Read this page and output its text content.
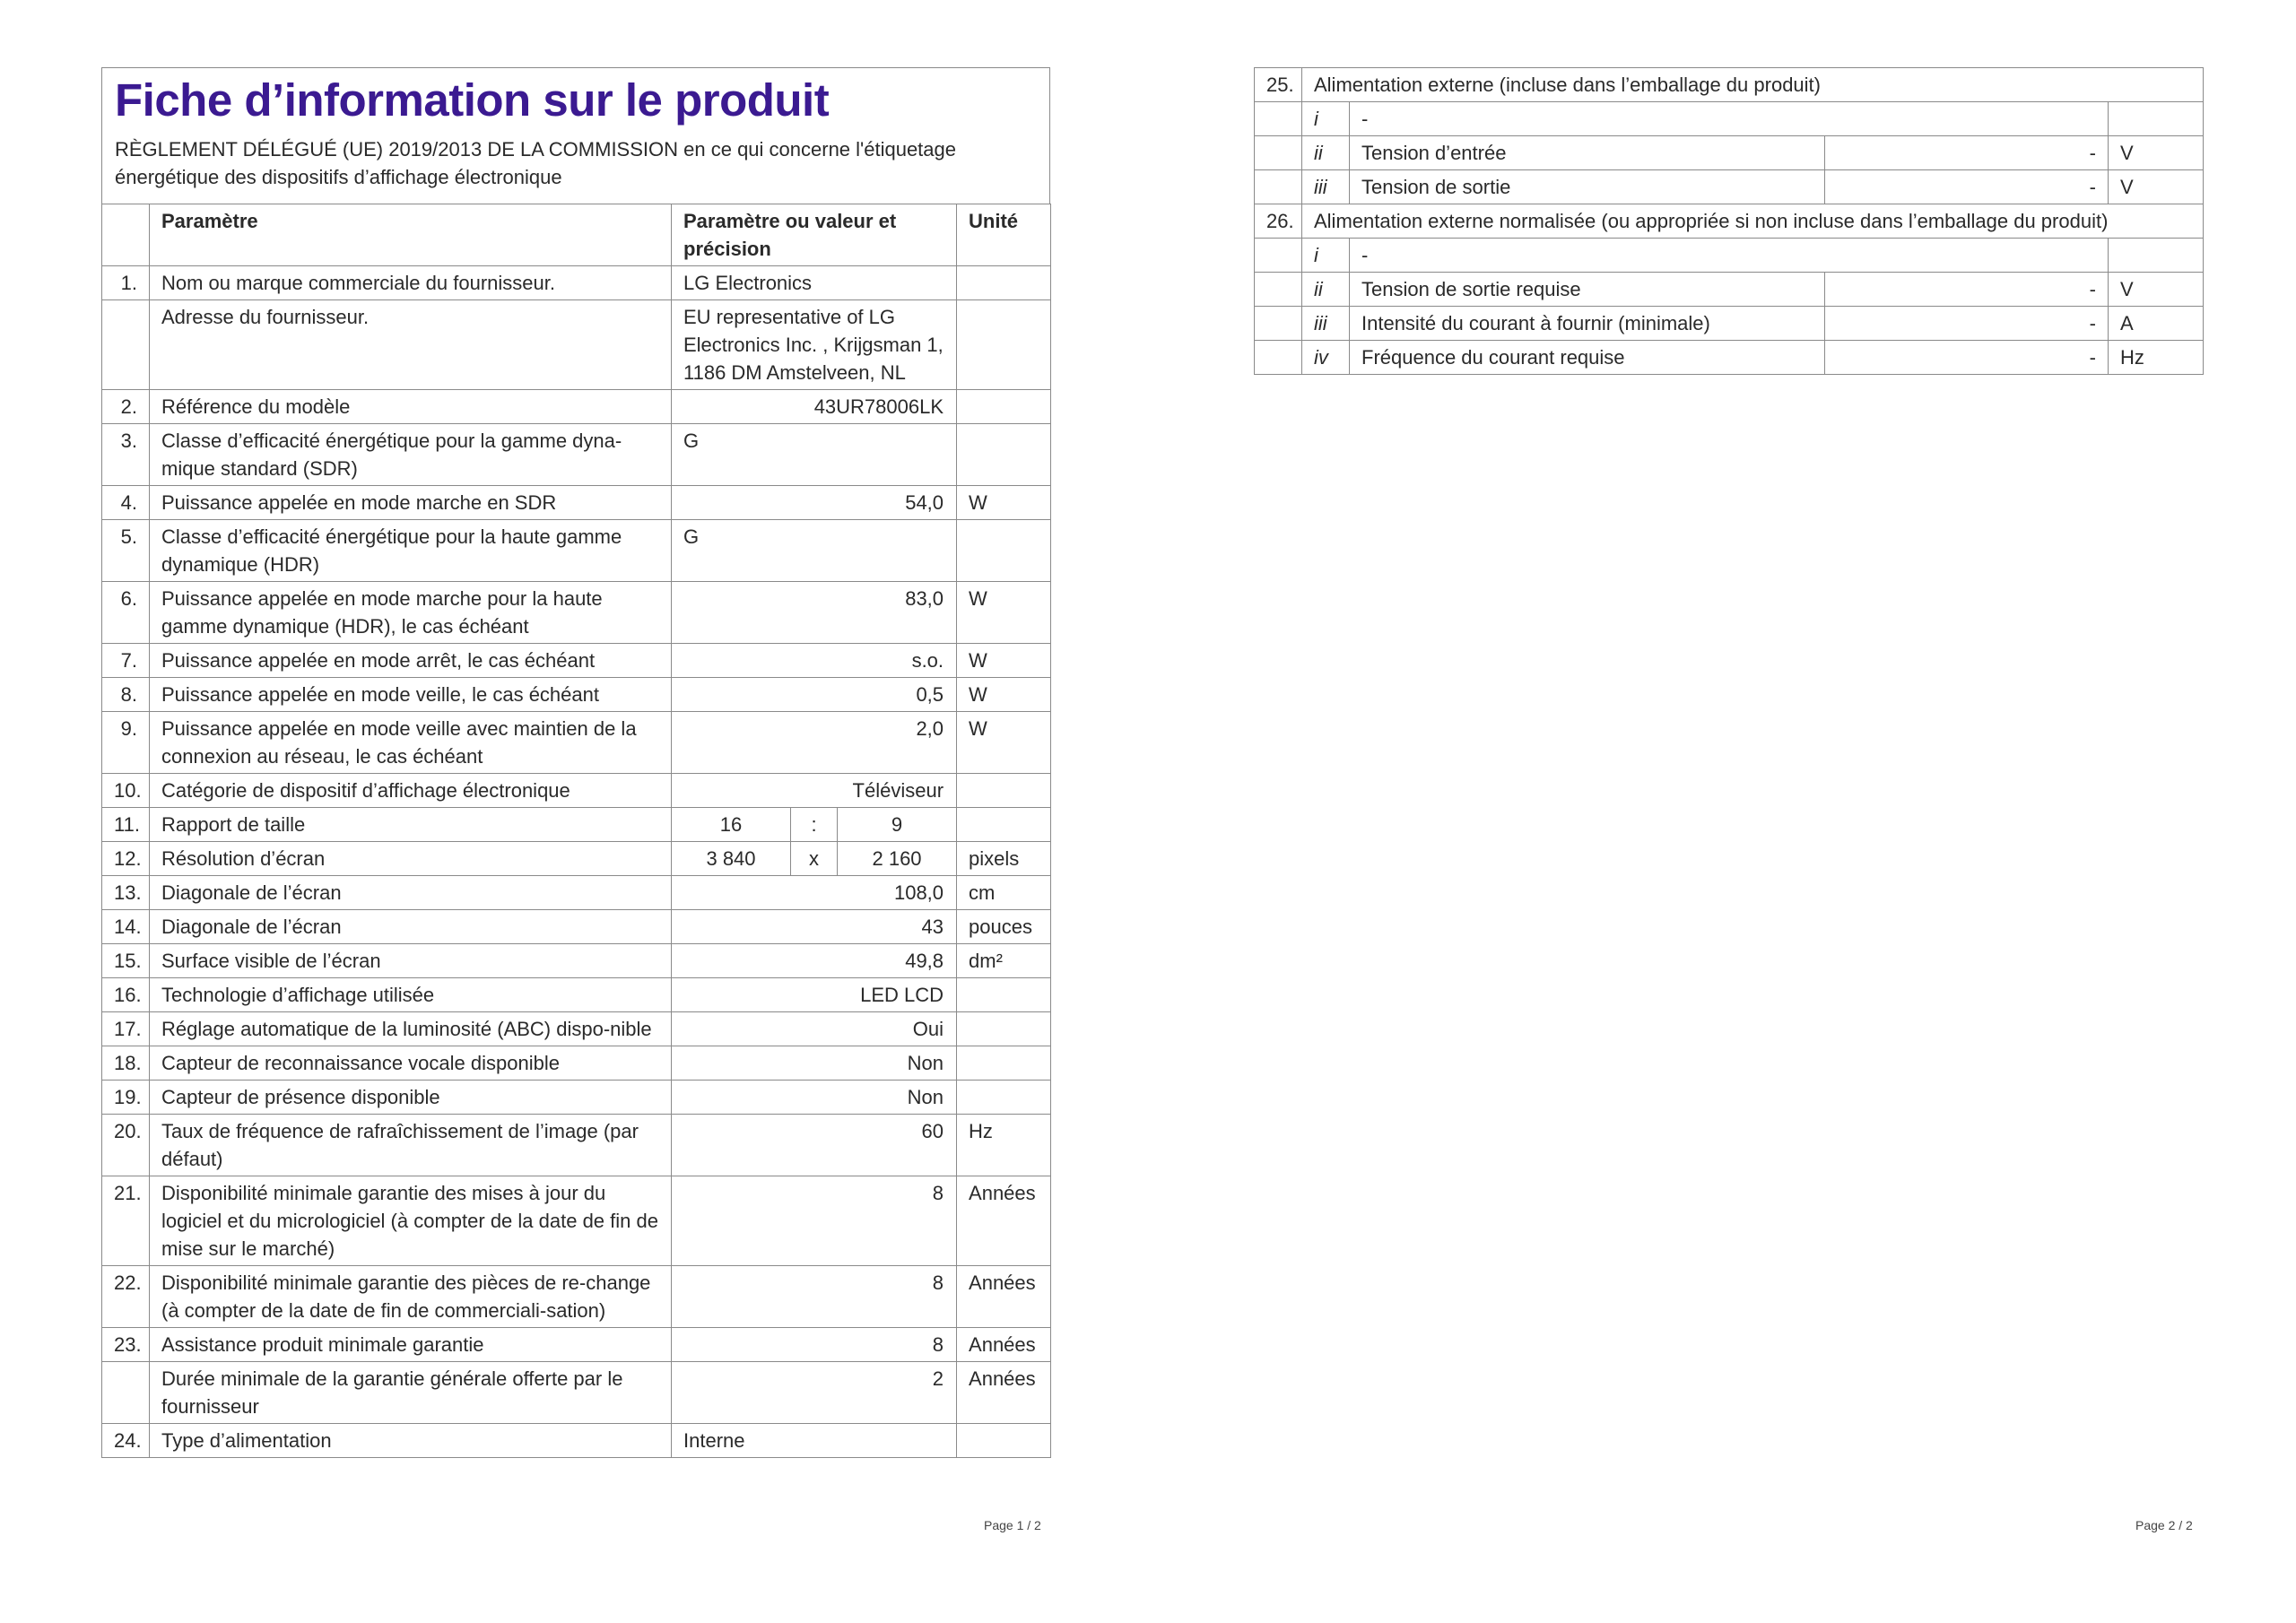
Fiche d’information sur le produit
RÈGLEMENT DÉLÉGUÉ (UE) 2019/2013 DE LA COMMISSION en ce qui concerne l'étiquetage énergétique des dispositifs d’affichage électronique
	Paramètre	Paramètre ou valeur et précision			Unité
1.	Nom ou marque commerciale du fournisseur.	LG Electronics			
	Adresse du fournisseur.	EU representative of LG Electronics Inc. , Krijgsman 1, 1186 DM Amstelveen, NL			
2.	Référence du modèle	43UR78006LK			
3.	Classe d’efficacité énergétique pour la gamme dyna-mique standard (SDR)	G			
4.	Puissance appelée en mode marche en SDR	54,0			W
5.	Classe d’efficacité énergétique pour la haute gamme dynamique (HDR)	G			
6.	Puissance appelée en mode marche pour la haute gamme dynamique (HDR), le cas échéant	83,0			W
7.	Puissance appelée en mode arrêt, le cas échéant	s.o.			W
8.	Puissance appelée en mode veille, le cas échéant	0,5			W
9.	Puissance appelée en mode veille avec maintien de la connexion au réseau, le cas échéant	2,0			W
10.	Catégorie de dispositif d’affichage électronique	Téléviseur			
11.	Rapport de taille	16	:	9	
12.	Résolution d’écran	3 840	x	2 160	pixels
13.	Diagonale de l’écran	108,0			cm
14.	Diagonale de l’écran	43			pouces
15.	Surface visible de l’écran	49,8			dm²
16.	Technologie d’affichage utilisée	LED LCD			
17.	Réglage automatique de la luminosité (ABC) dispo-nible	Oui			
18.	Capteur de reconnaissance vocale disponible	Non			
19.	Capteur de présence disponible	Non			
20.	Taux de fréquence de rafraîchissement de l’image (par défaut)	60			Hz
21.	Disponibilité minimale garantie des mises à jour du logiciel et du micrologiciel (à compter de la date de fin de mise sur le marché)	8			Années
22.	Disponibilité minimale garantie des pièces de re-change (à compter de la date de fin de commerciali-sation)	8			Années
23.	Assistance produit minimale garantie	8			Années
	Durée minimale de la garantie générale offerte par le fournisseur	2			Années
24.	Type d’alimentation	Interne			
Page 1 / 2
25.	Alimentation externe (incluse dans l’emballage du produit)			
	i	-		
	ii	Tension d’entrée	-	V
	iii	Tension de sortie	-	V
26.	Alimentation externe normalisée (ou appropriée si non incluse dans l’emballage du produit)			
	i	-		
	ii	Tension de sortie requise	-	V
	iii	Intensité du courant à fournir (minimale)	-	A
	iv	Fréquence du courant requise	-	Hz
Page 2 / 2
